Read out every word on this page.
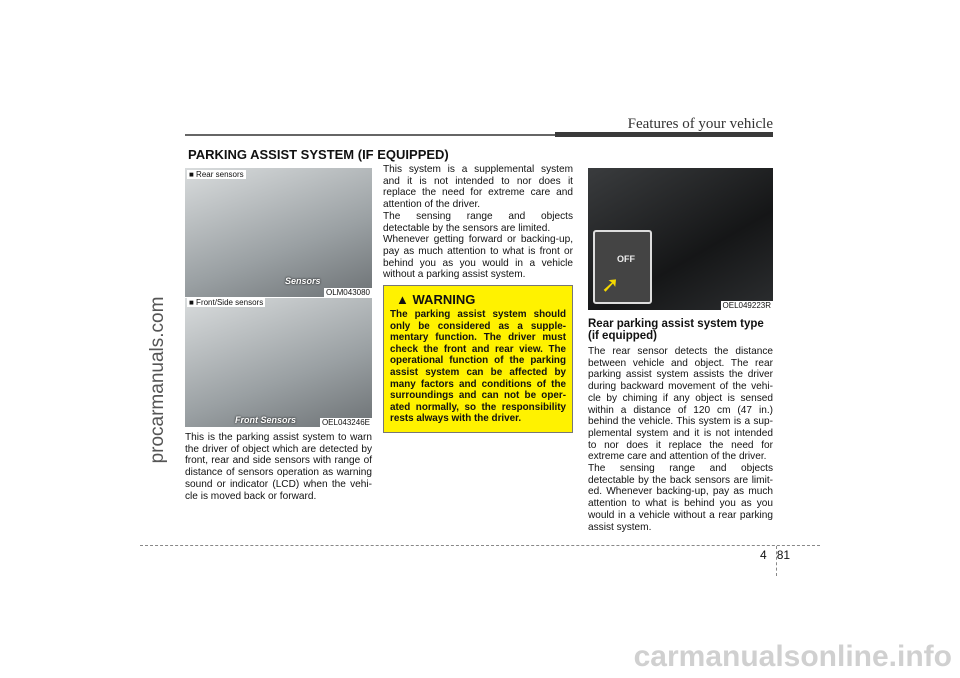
Features of your vehicle
PARKING ASSIST SYSTEM (IF EQUIPPED)
■ Rear sensors
Sensors
OLM043080
■ Front/Side sensors
Front Sensors	OEL043246E
This is the parking assist system to warn
the driver of object which are detected by
front, rear and side sensors with range of
distance of sensors operation as warning
sound or indicator (LCD) when the vehi-
cle is moved back or forward.
This system is a supplemental system
and it is not intended to nor does it
replace the need for extreme care and
attention of the driver.
The sensing range and objects
detectable by the sensors are limited.
Whenever getting forward or backing-up,
pay as much attention to what is front or
behind you as you would in a vehicle
without a parking assist system.
▲ WARNING
The parking assist system should
only be considered as a supple-
mentary function. The driver must
check the front and rear view. The
operational function of the parking
assist system can be affected by
many factors and conditions of the
surroundings and can not be oper-
ated normally, so the responsibility
rests always with the driver.
OFF
➚
OEL049223R
Rear parking assist system type
(if equipped)
The rear sensor detects the distance
between vehicle and object. The rear
parking assist system assists the driver
during backward movement of the vehi-
cle by chiming if any object is sensed
within a distance of 120 cm (47 in.)
behind the vehicle. This system is a sup-
plemental system and it is not intended
to nor does it replace the need for
extreme care and attention of the driver.
The sensing range and objects
detectable by the back sensors are limit-
ed. Whenever backing-up, pay as much
attention to what is behind you as you
would in a vehicle without a rear parking
assist system.
4 81
procarmanuals.com
carmanualsonline.info
